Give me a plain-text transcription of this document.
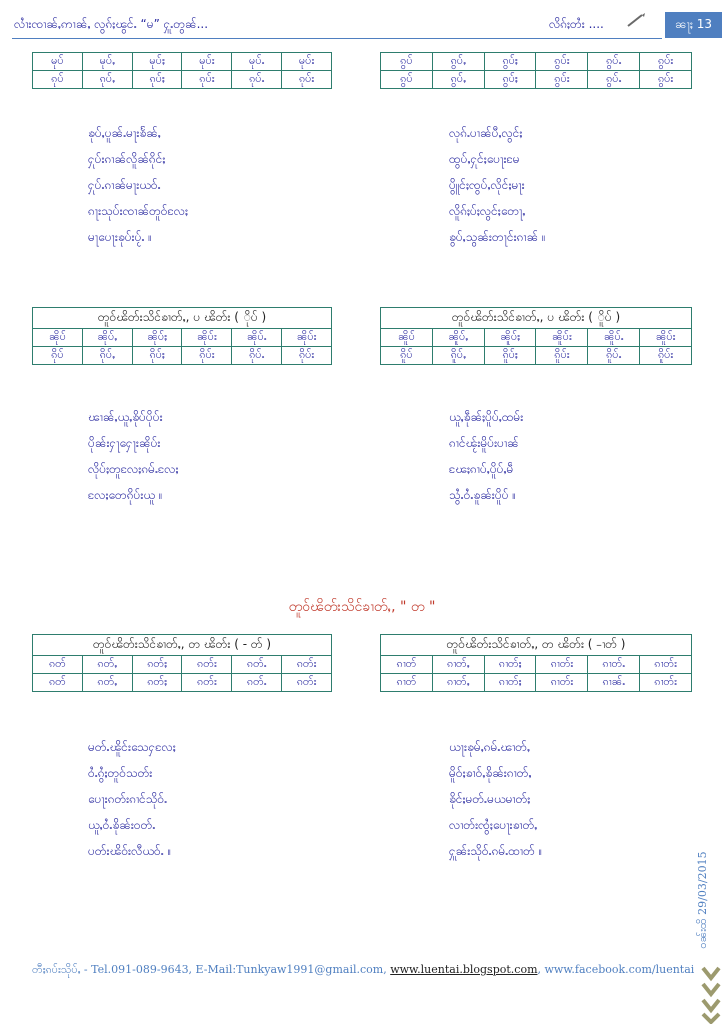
လၢႆးၸၢၼ်ႇဢၢၼ်ႇ လွၵ်ႈၽွင်ႉ “မ” ႁူႉတွၼ်...	လိၵ်ႈတႆး ....	ၼႃႈ 13
မုပ်	မုပ်ႇ	မုပ်ႈ	မုပ်း	မုပ်ႉ	မုပ်း
ၵုပ်	ၵုပ်ႇ	ၵုပ်ႈ	ၵုပ်း	ၵုပ်ႉ	ၵုပ်း
ၵွပ်	ၵွပ်ႇ	ၵွပ်ႈ	ၵွပ်း	ၵွပ်ႉ	ၵွပ်း
ၵွပ်	ၵွပ်ႇ	ၵွပ်ႈ	ၵွပ်း	ၵွပ်ႉ	ၵွပ်း
ၶုပ်ႇပူၼ်ႉမႃးၶႅၼ်ႇ
ႁုပ်းၵၢၼ်လိူၼ်ၵိုင်ႈ
ႁုပ်ႉၵၢၼ်မႃးယဝ်ႉ
ၵႃးသုပ်းၸၢၼ်တူဝ်လႄႈ
မႃပေႃးၶုပ်းပႂ်ႉ ။
လုၵ်ႉပၢၼ်ပီႇလွင်ႈ
ထွပ်ႇႁုင်ႈပေႃးမႄ
ပွိူင်ႈၸွပ်ႇလိုင်ႈမႃး
လိူၵ်ႈပ်ႈလွင်ႈတေႃႇ
ၶွပ်ႇသွၼ်းတႃင်းၵၢၼ် ။
တူဝ်ၽိတ်းသိင်ၶၢတ်ႇ, ပ ၽိတ်း ( ိုပ် )					
ၼိုပ်	ၼိုပ်ႇ	ၼိုပ်ႈ	ၼိုပ်း	ၼိုပ်ႉ	ၼိုပ်း
ၵိုပ်	ၵိုပ်ႇ	ၵိုပ်ႈ	ၵိုပ်း	ၵိုပ်ႉ	ၵိုပ်း
တူဝ်ၽိတ်းသိင်ၶၢတ်ႇ, ပ ၽိတ်း ( ိူပ် )					
ၼိူပ်	ၼိူပ်ႇ	ၼိူပ်ႈ	ၼိူပ်း	ၼိူပ်ႉ	ၼိူပ်း
ၵိူပ်	ၵိူပ်ႇ	ၵိူပ်ႈ	ၵိူပ်း	ၵိူပ်ႉ	ၵိူပ်း
ၽၢၼ်ႇယူႇၶိုပ်ပိုပ်း
ပိုၼ်းႁႃႁေႃးၼိုပ်း
လိုပ်ႈတူလႄႈၵမ်ႉလႄႈ
လႄႈတေၵိုပ်းယူ ။
ယူႇၶဵုၼ်ႈပိူပ်ႇထမ်း
ၵၢင်ၽႂ်းမိူပ်းပၢၼ်
ၽႄႈၵၢပ်ႇပိူပ်ႇမဵ
သွႆႉဝႆႉၶူၼ်းပိူပ် ။
တူဝ်ၽိတ်းသိင်ၶၢတ်ႇ, " တ "
တူဝ်ၽိတ်းသိင်ၶၢတ်ႇ, တ ၽိတ်း ( - တ် )					
ၵတ်	ၵတ်ႇ	ၵတ်ႈ	ၵတ်း	ၵတ်ႉ	ၵတ်း
ၵတ်	ၵတ်ႇ	ၵတ်ႈ	ၵတ်း	ၵတ်ႉ	ၵတ်း
တူဝ်ၽိတ်းသိင်ၶၢတ်ႇ, တ ၽိတ်း ( -ၢတ် )					
ၵၢတ်	ၵၢတ်ႇ	ၵၢတ်ႈ	ၵၢတ်း	ၵၢတ်ႉ	ၵၢတ်း
ၵၢတ်	ၵၢတ်ႇ	ၵၢတ်ႈ	ၵၢတ်း	ၵၢၼ်ႉ	ၵၢတ်း
မတ်ႉၽိူင်းသေႁလႄႈ
ဝႆႉၵွႆႈတူဝ်သတ်း
ပေႃးၵတ်းၵၢင်သိုဝ်ႉ
ယူႇဝႆႉၶိုၼ်းဝတ်ႉ
ပတ်းၽိဝ်းလီယဝ်ႉ ။
ယႃးၶုမ်ႇၵမ်ႉၽၢတ်ႇ
မိူဝ်ႈၶၢဝ်ႇၶိုၼ်းၵၢတ်ႇ
ၶိုင်ႈမတ်ႉမယမၢတ်ႈ
လၢတ်းၸွႆႈပေႃးၶၢတ်ႇ
ႁူၼ်းသိုဝ်ႉၵမ်ႉထၢတ် ။
ဝၼ်းထိ 29/03/2015
တီႈၵပ်းသိုပ်ႇ - Tel.091-089-9643, E-Mail:Tunkyaw1991@gmail.com, www.luentai.blogspot.com, www.facebook.com/luentai
